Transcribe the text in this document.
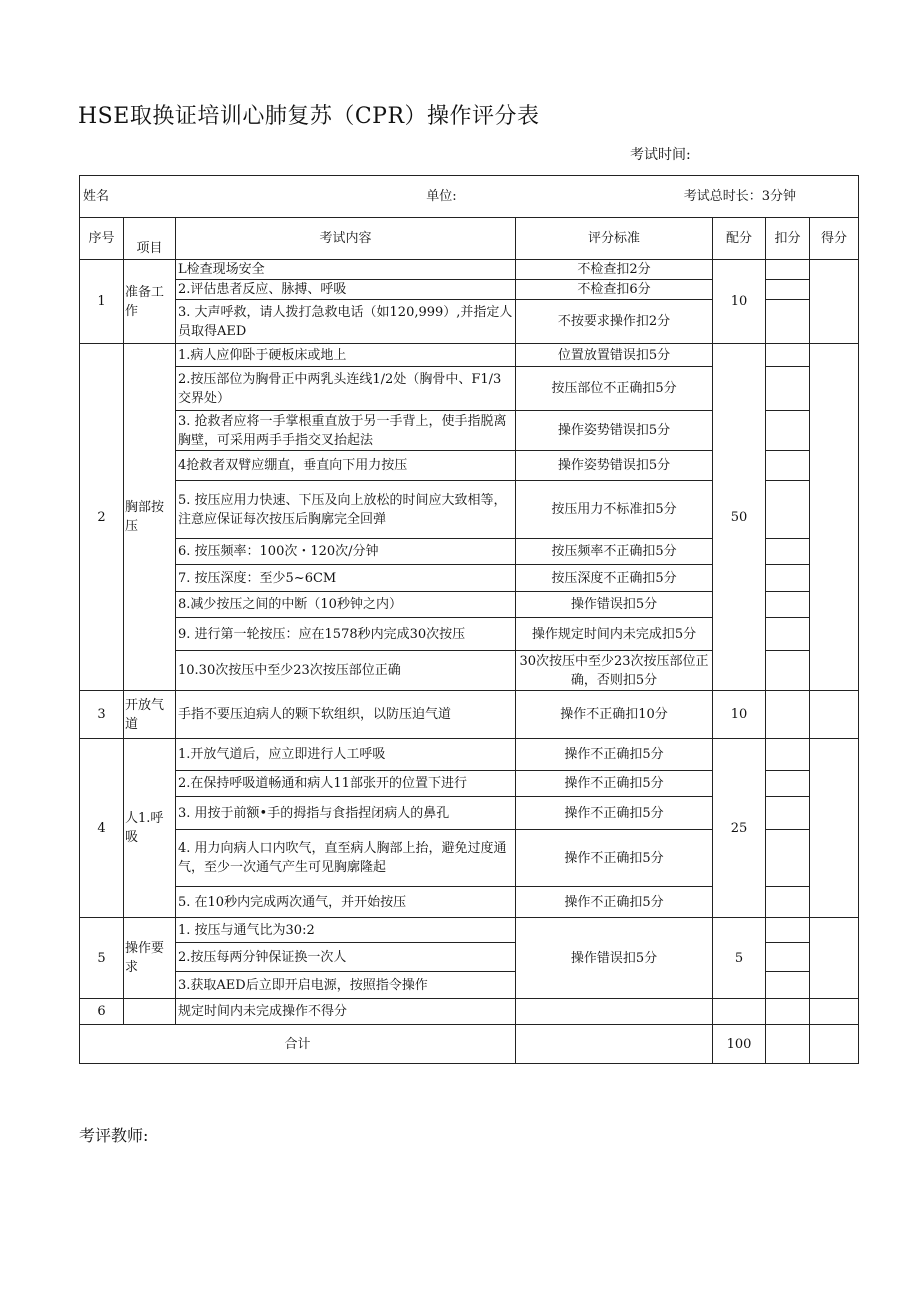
HSE取换证培训心肺复苏（CPR）操作评分表
考试时间:
姓名 单位: 考试总时长：3分钟						

序号	项目	考试内容	评分标准	配分	扣分	得分
1	准备工作	L检查现场安全	不检查扣2分	10		
		2.评估患者反应、脉搏、呼吸	不检查扣6分			
		3. 大声呼救，请人拨打急救电话（如120,999）,并指定人员取得AED	不按要求操作扣2分			
2	胸部按压	1.病人应仰卧于硬板床或地上	位置放置错误扣5分	50		
		2.按压部位为胸骨正中两乳头连线1/2处（胸骨中、F1/3交界处）	按压部位不正确扣5分			
		3. 抢救者应将一手掌根重直放于另一手背上，使手指脱离胸壁，可采用两手手指交叉抬起法	操作姿势错误扣5分			
		4抢救者双臂应绷直，垂直向下用力按压	操作姿势错误扣5分			
		5. 按压应用力快速、下压及向上放松的时间应大致相等，注意应保证每次按压后胸廓完全回弹	按压用力不标准扣5分			
		6. 按压频率：100次・120次/分钟	按压频率不正确扣5分			
		7. 按压深度：至少5~6CM	按压深度不正确扣5分			
		8.减少按压之间的中断（10秒钟之内）	操作错误扣5分			
		9. 进行第一轮按压：应在1578秒内完成30次按压	操作规定时间内未完成扣5分			
		10.30次按压中至少23次按压部位正确	30次按压中至少23次按压部位正确，否则扣5分			
3	开放气道	手指不要压迫病人的颗下软组织，以防压迫气道	操作不正确扣10分	10		
4	人1.呼吸	1.开放气道后，应立即进行人工呼吸	操作不正确扣5分	25		
		2.在保持呼吸道畅通和病人11部张开的位置下进行	操作不正确扣5分			
		3. 用按于前额•手的拇指与食指捏闭病人的鼻孔	操作不正确扣5分			
		4. 用力向病人口内吹气，直至病人胸部上抬，避免过度通气，至少一次通气产生可见胸廓隆起	操作不正确扣5分			
		5. 在10秒内完成两次通气，并开始按压	操作不正确扣5分			
5	操作要求	1. 按压与通气比为30:2	操作错误扣5分	5		
		2.按压每两分钟保证换一次人				
		3.获取AED后立即开启电源，按照指令操作				
6		规定时间内未完成操作不得分				
合计				100		
考评教师:
